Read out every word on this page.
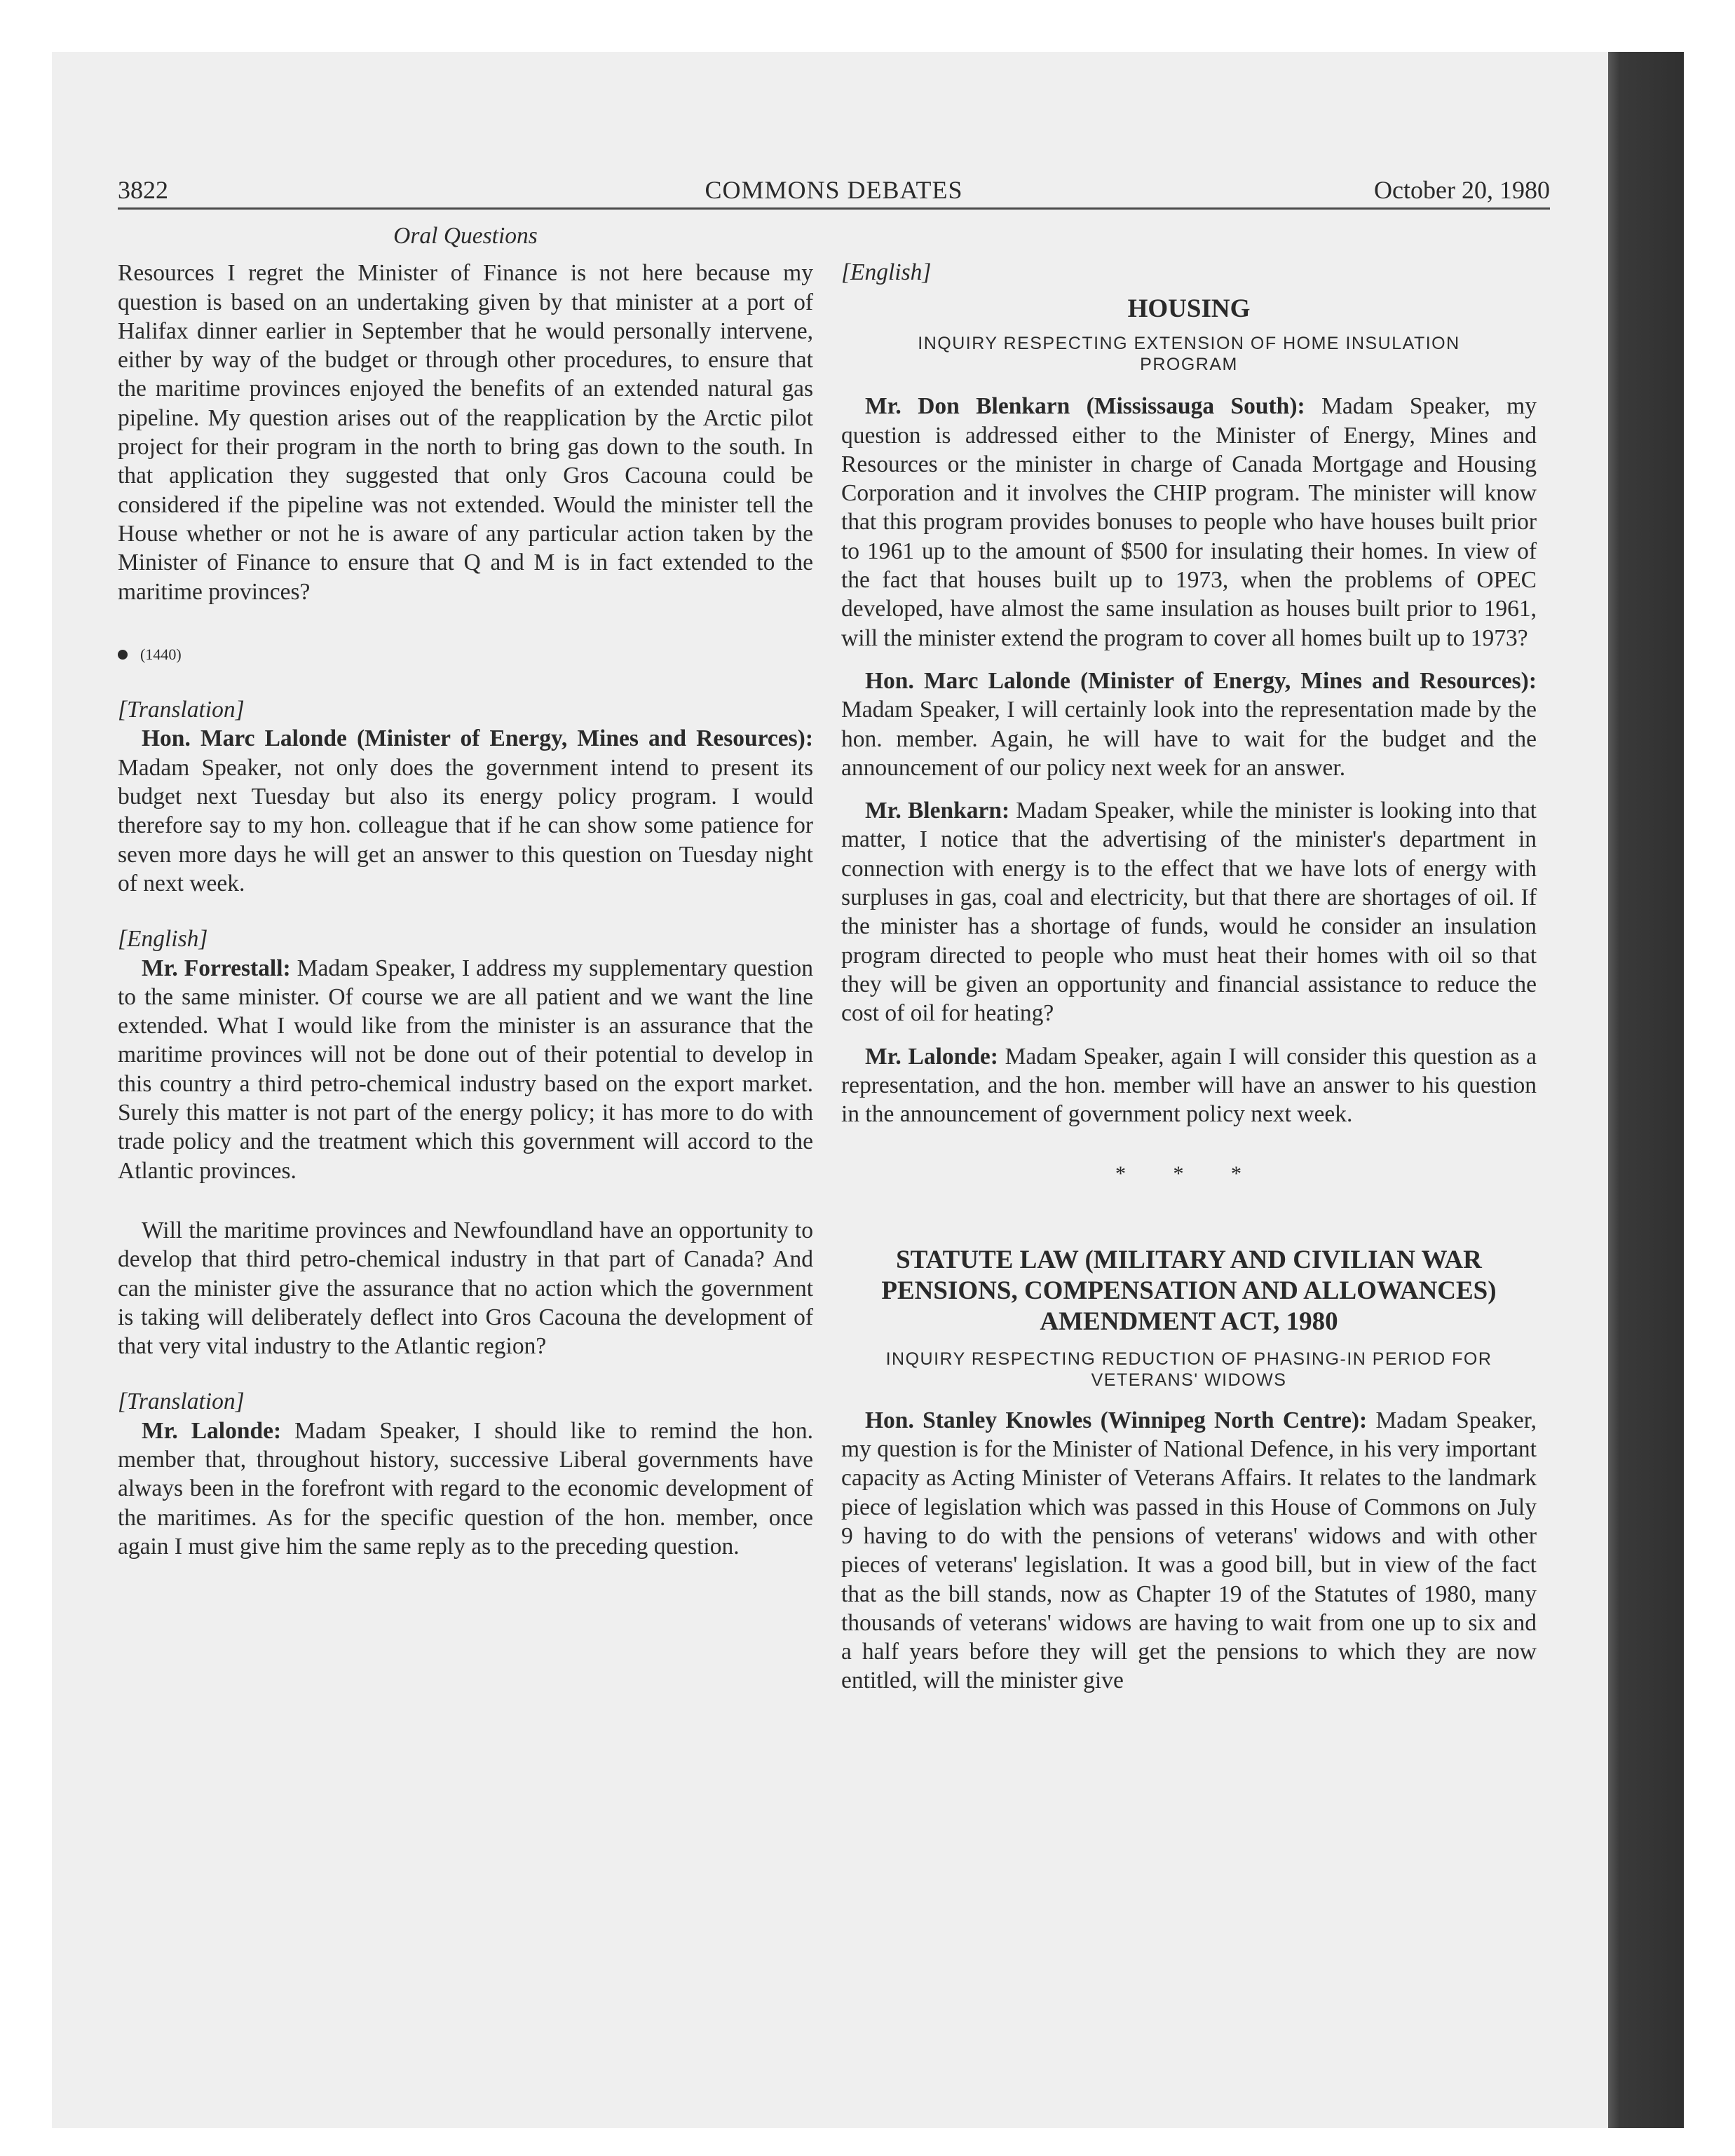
3822	COMMONS DEBATES	October 20, 1980

Oral Questions

Resources I regret the Minister of Finance is not here because my question is based on an undertaking given by that minister at a port of Halifax dinner earlier in September that he would personally intervene, either by way of the budget or through other procedures, to ensure that the maritime provinces enjoyed the benefits of an extended natural gas pipeline. My question arises out of the reapplication by the Arctic pilot project for their program in the north to bring gas down to the south. In that application they suggested that only Gros Cacouna could be considered if the pipeline was not extended. Would the minister tell the House whether or not he is aware of any particular action taken by the Minister of Finance to ensure that Q and M is in fact extended to the maritime provinces?

(1440)

[Translation]

Hon. Marc Lalonde (Minister of Energy, Mines and Resources): Madam Speaker, not only does the government intend to present its budget next Tuesday but also its energy policy program. I would therefore say to my hon. colleague that if he can show some patience for seven more days he will get an answer to this question on Tuesday night of next week.

[English]

Mr. Forrestall: Madam Speaker, I address my supplementary question to the same minister. Of course we are all patient and we want the line extended. What I would like from the minister is an assurance that the maritime provinces will not be done out of their potential to develop in this country a third petro-chemical industry based on the export market. Surely this matter is not part of the energy policy; it has more to do with trade policy and the treatment which this government will accord to the Atlantic provinces.

Will the maritime provinces and Newfoundland have an opportunity to develop that third petro-chemical industry in that part of Canada? And can the minister give the assurance that no action which the government is taking will deliberately deflect into Gros Cacouna the development of that very vital industry to the Atlantic region?

[Translation]

Mr. Lalonde: Madam Speaker, I should like to remind the hon. member that, throughout history, successive Liberal governments have always been in the forefront with regard to the economic development of the maritimes. As for the specific question of the hon. member, once again I must give him the same reply as to the preceding question.

[English]

HOUSING

INQUIRY RESPECTING EXTENSION OF HOME INSULATION PROGRAM

Mr. Don Blenkarn (Mississauga South): Madam Speaker, my question is addressed either to the Minister of Energy, Mines and Resources or the minister in charge of Canada Mortgage and Housing Corporation and it involves the CHIP program. The minister will know that this program provides bonuses to people who have houses built prior to 1961 up to the amount of $500 for insulating their homes. In view of the fact that houses built up to 1973, when the problems of OPEC developed, have almost the same insulation as houses built prior to 1961, will the minister extend the program to cover all homes built up to 1973?

Hon. Marc Lalonde (Minister of Energy, Mines and Resources): Madam Speaker, I will certainly look into the representation made by the hon. member. Again, he will have to wait for the budget and the announcement of our policy next week for an answer.

Mr. Blenkarn: Madam Speaker, while the minister is looking into that matter, I notice that the advertising of the minister's department in connection with energy is to the effect that we have lots of energy with surpluses in gas, coal and electricity, but that there are shortages of oil. If the minister has a shortage of funds, would he consider an insulation program directed to people who must heat their homes with oil so that they will be given an opportunity and financial assistance to reduce the cost of oil for heating?

Mr. Lalonde: Madam Speaker, again I will consider this question as a representation, and the hon. member will have an answer to his question in the announcement of government policy next week.

* * *

STATUTE LAW (MILITARY AND CIVILIAN WAR PENSIONS, COMPENSATION AND ALLOWANCES) AMENDMENT ACT, 1980

INQUIRY RESPECTING REDUCTION OF PHASING-IN PERIOD FOR VETERANS' WIDOWS

Hon. Stanley Knowles (Winnipeg North Centre): Madam Speaker, my question is for the Minister of National Defence, in his very important capacity as Acting Minister of Veterans Affairs. It relates to the landmark piece of legislation which was passed in this House of Commons on July 9 having to do with the pensions of veterans' widows and with other pieces of veterans' legislation. It was a good bill, but in view of the fact that as the bill stands, now as Chapter 19 of the Statutes of 1980, many thousands of veterans' widows are having to wait from one up to six and a half years before they will get the pensions to which they are now entitled, will the minister give
